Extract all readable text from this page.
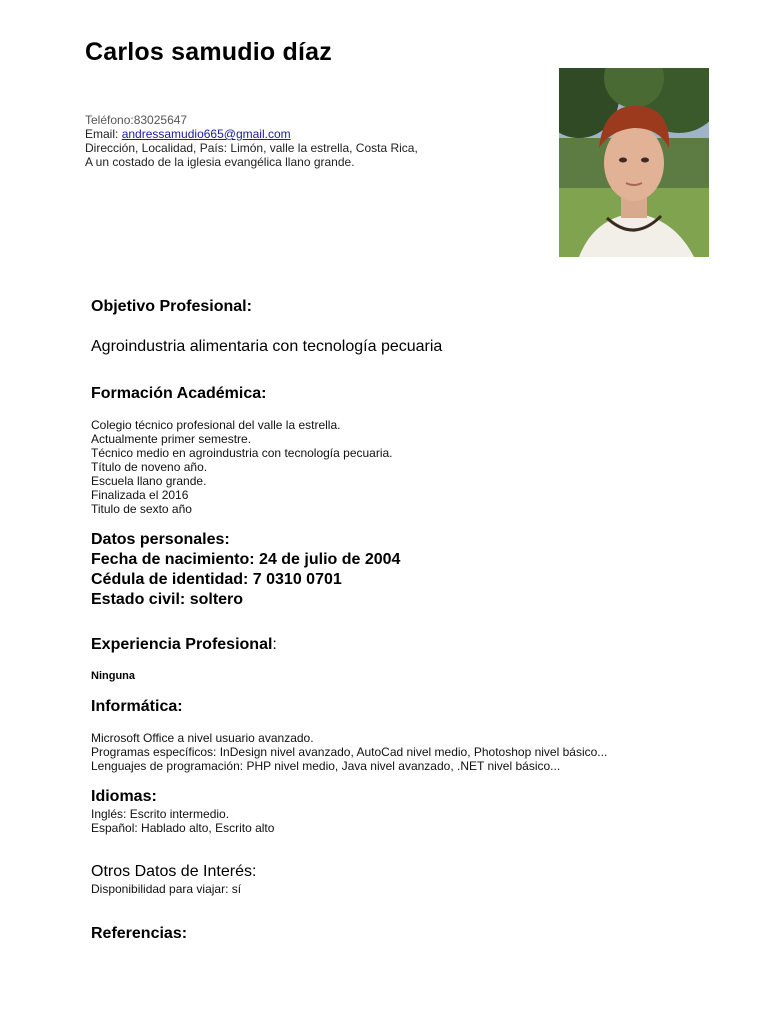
Carlos samudio díaz
Teléfono:83025647
Email: andressamudio665@gmail.com
Dirección, Localidad, País: Limón, valle la estrella, Costa Rica,
A un costado de la iglesia evangélica llano grande.
Objetivo Profesional:
Agroindustria alimentaria con tecnología pecuaria
Formación Académica:
Colegio técnico profesional del valle la estrella.
Actualmente primer semestre.
Técnico medio en agroindustria con tecnología pecuaria.
Título de noveno año.
Escuela llano grande.
Finalizada el 2016
Titulo de sexto año
Datos personales:
Fecha de nacimiento: 24 de julio de 2004
Cédula de identidad: 7 0310 0701
Estado civil: soltero
Experiencia Profesional:
Ninguna
Informática:
Microsoft Office a nivel usuario avanzado.
Programas específicos: InDesign nivel avanzado, AutoCad nivel medio, Photoshop nivel básico...
Lenguajes de programación: PHP nivel medio, Java nivel avanzado, .NET nivel básico...
Idiomas:
Inglés: Escrito intermedio.
Español: Hablado alto, Escrito alto
Otros Datos de Interés:
Disponibilidad para viajar: sí
Referencias:
